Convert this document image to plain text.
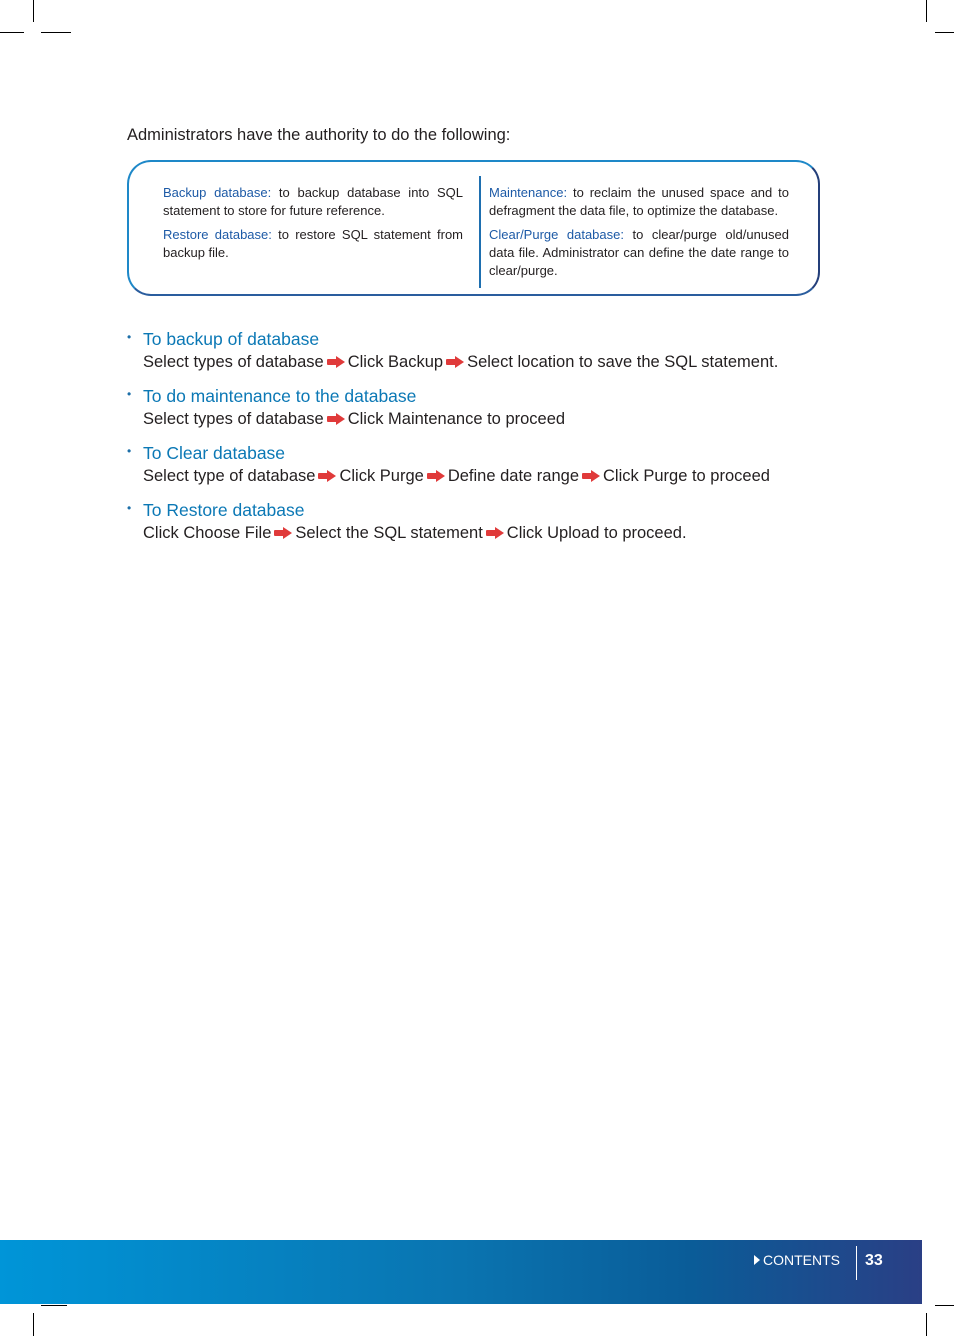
Administrators have the authority to do the following:

Backup database: to backup database into SQL statement to store for future reference.

Restore database: to restore SQL statement from backup file.

Maintenance: to reclaim the unused space and to defragment the data file, to optimize the database.

Clear/Purge database: to clear/purge old/unused data file. Administrator can define the date range to clear/purge.

• To backup of database
Select types of database Click Backup Select location to save the SQL statement.
• To do maintenance to the database
Select types of database Click Maintenance to proceed
• To Clear database
Select type of database Click Purge Define date range Click Purge to proceed
• To Restore database
Click Choose File Select the SQL statement Click Upload to proceed.
CONTENTS 33
